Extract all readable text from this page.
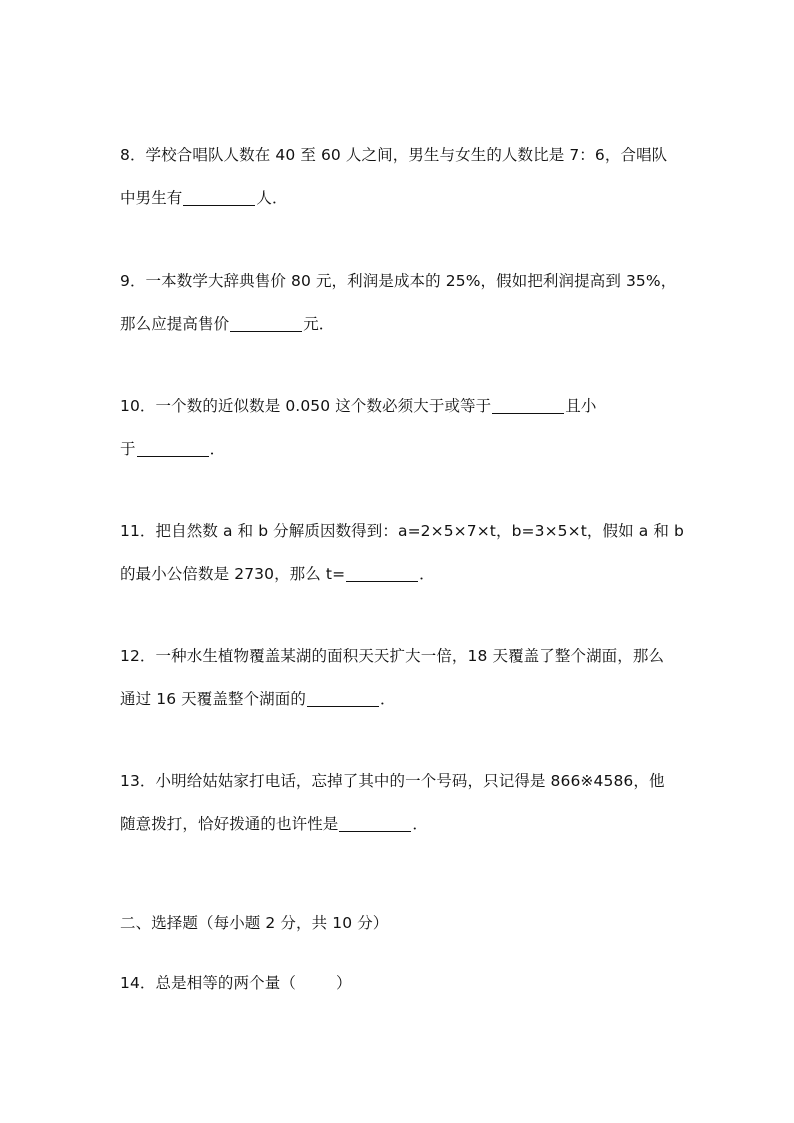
8．学校合唱队人数在 40 至 60 人之间，男生与女生的人数比是 7：6，合唱队
中男生有	人．
9．一本数学大辞典售价 80 元，利润是成本的 25%，假如把利润提高到 35%，
那么应提高售价	元．
10．一个数的近似数是 0.050 这个数必须大于或等于	且小
于	．
11．把自然数 a 和 b 分解质因数得到：a=2×5×7×t，b=3×5×t，假如 a 和 b
的最小公倍数是 2730，那么 t=	．
12．一种水生植物覆盖某湖的面积天天扩大一倍，18 天覆盖了整个湖面，那么
通过 16 天覆盖整个湖面的	．
13．小明给姑姑家打电话，忘掉了其中的一个号码，只记得是 866※4586，他
随意拨打，恰好拨通的也许性是	．
二、选择题（每小题 2 分，共 10 分）
14．总是相等的两个量（	）
